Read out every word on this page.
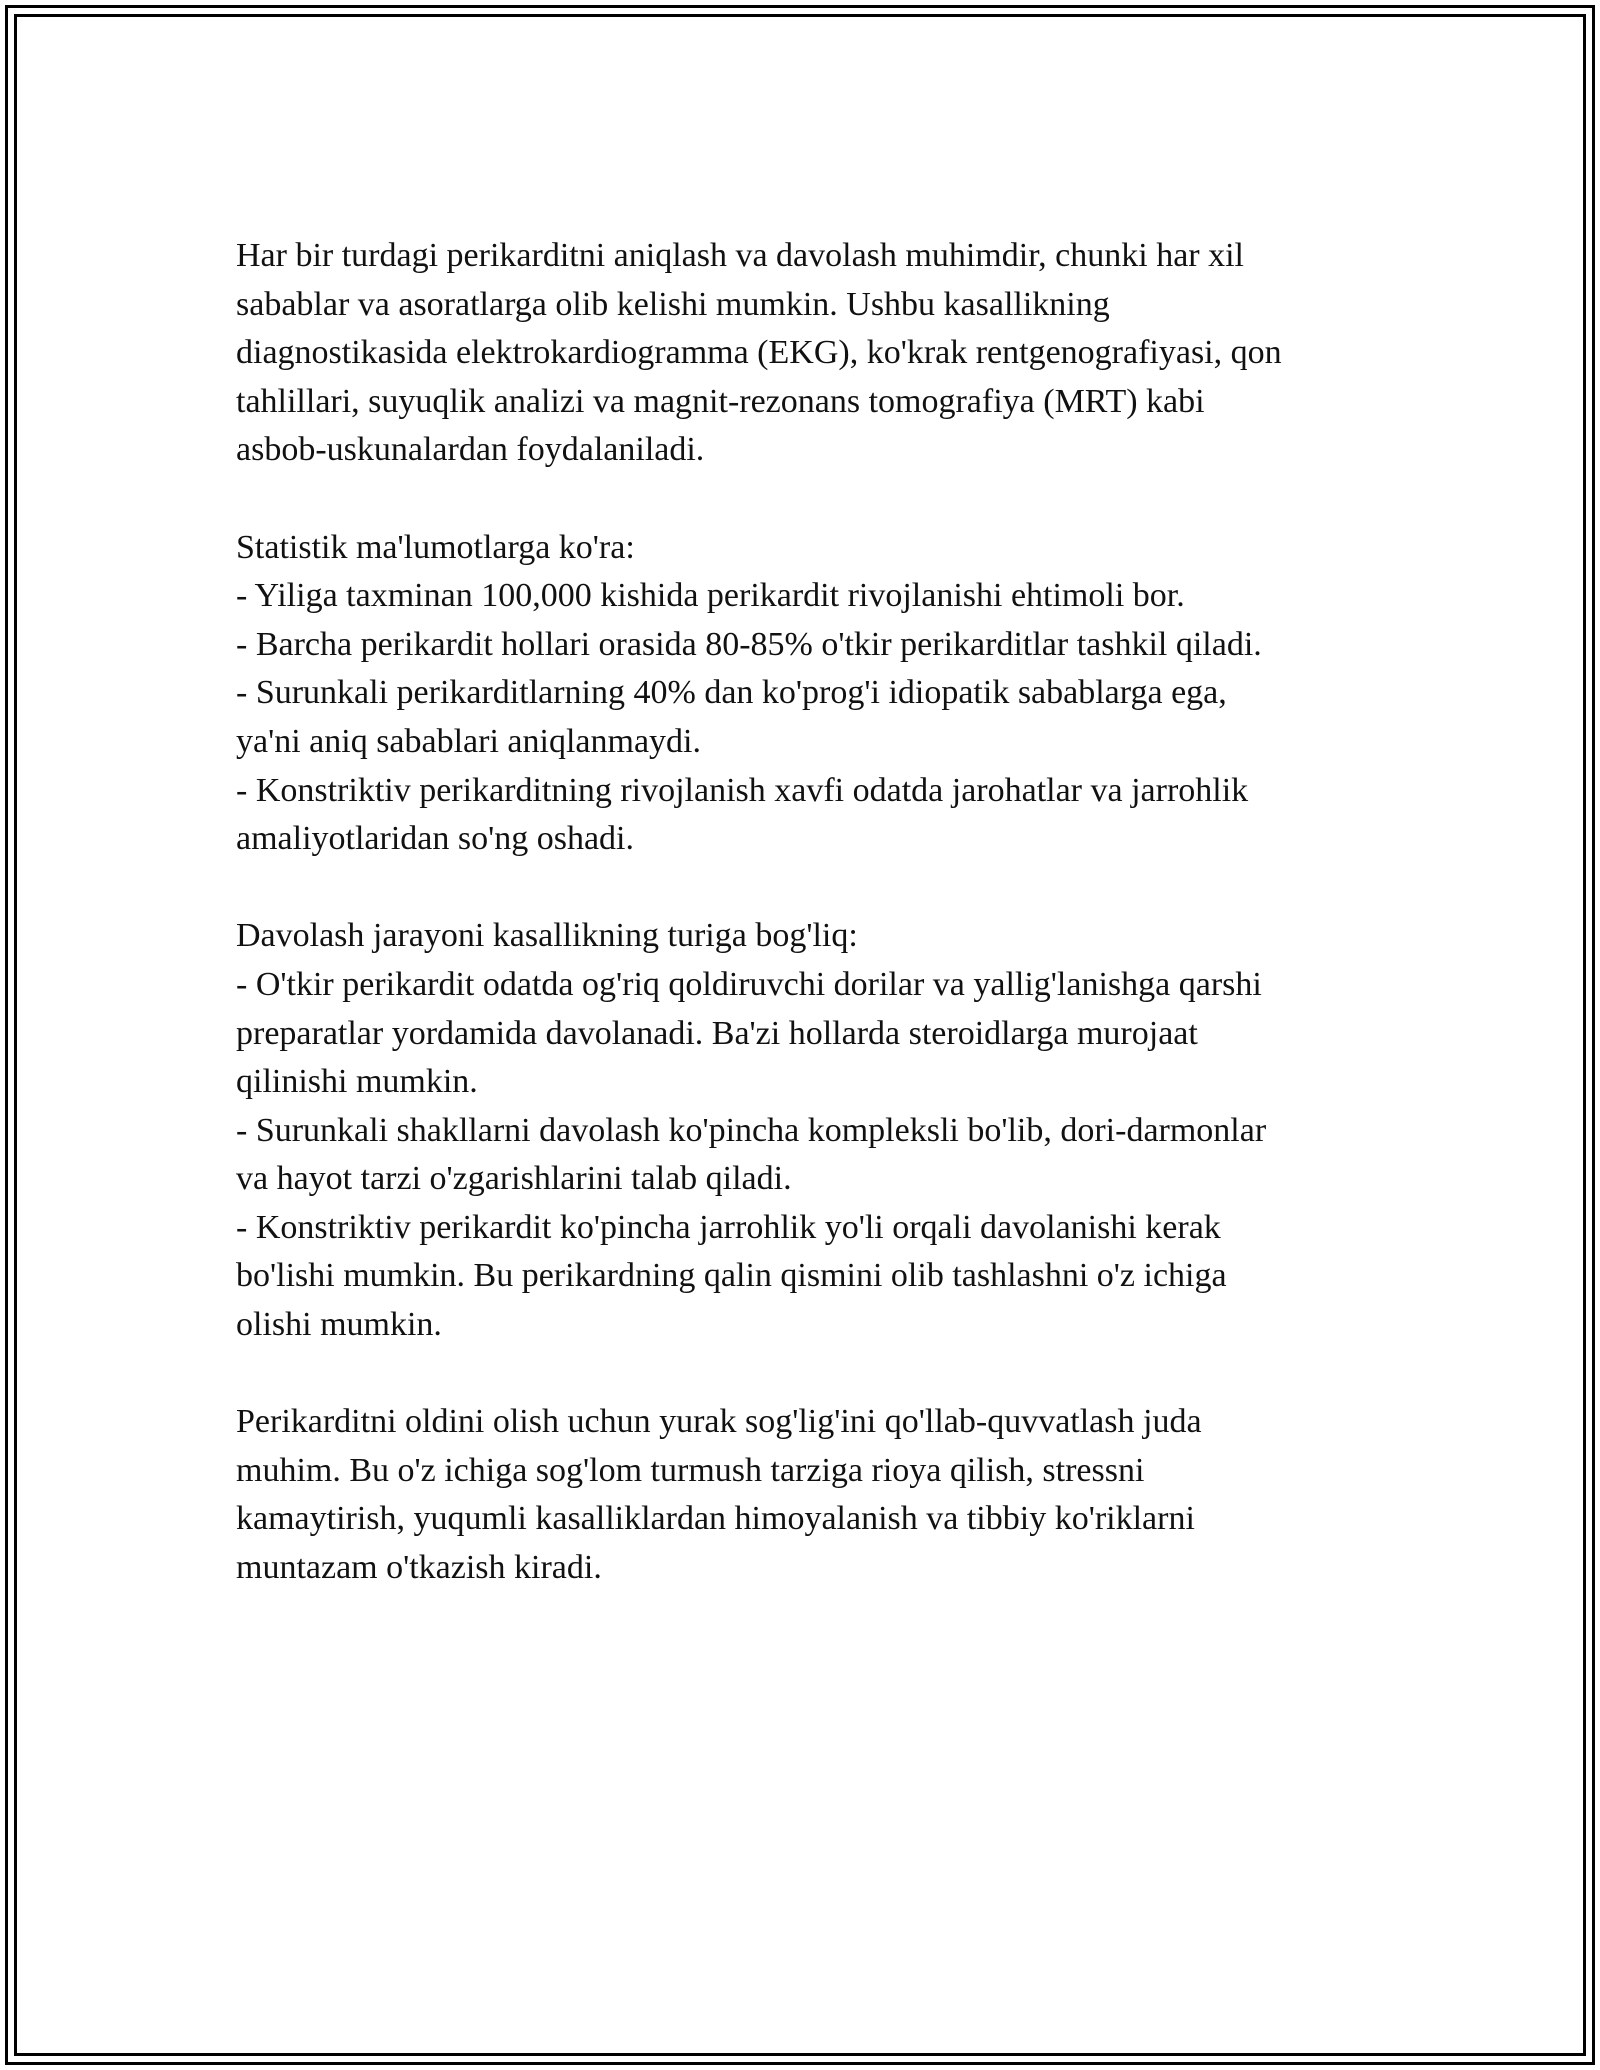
Har bir turdagi perikarditni aniqlash va davolash muhimdir, chunki har xil
sabablar va asoratlarga olib kelishi mumkin. Ushbu kasallikning
diagnostikasida elektrokardiogramma (EKG), ko'krak rentgenografiyasi, qon
tahlillari, suyuqlik analizi va magnit-rezonans tomografiya (MRT) kabi
asbob-uskunalardan foydalaniladi.

Statistik ma'lumotlarga ko'ra:
- Yiliga taxminan 100,000 kishida perikardit rivojlanishi ehtimoli bor.
- Barcha perikardit hollari orasida 80-85% o'tkir perikarditlar tashkil qiladi.
- Surunkali perikarditlarning 40% dan ko'prog'i idiopatik sabablarga ega,
ya'ni aniq sabablari aniqlanmaydi.
- Konstriktiv perikarditning rivojlanish xavfi odatda jarohatlar va jarrohlik
amaliyotlaridan so'ng oshadi.

Davolash jarayoni kasallikning turiga bog'liq:
- O'tkir perikardit odatda og'riq qoldiruvchi dorilar va yallig'lanishga qarshi
preparatlar yordamida davolanadi. Ba'zi hollarda steroidlarga murojaat
qilinishi mumkin.
- Surunkali shakllarni davolash ko'pincha kompleksli bo'lib, dori-darmonlar
va hayot tarzi o'zgarishlarini talab qiladi.
- Konstriktiv perikardit ko'pincha jarrohlik yo'li orqali davolanishi kerak
bo'lishi mumkin. Bu perikardning qalin qismini olib tashlashni o'z ichiga
olishi mumkin.

Perikarditni oldini olish uchun yurak sog'lig'ini qo'llab-quvvatlash juda
muhim. Bu o'z ichiga sog'lom turmush tarziga rioya qilish, stressni
kamaytirish, yuqumli kasalliklardan himoyalanish va tibbiy ko'riklarni
muntazam o'tkazish kiradi.
